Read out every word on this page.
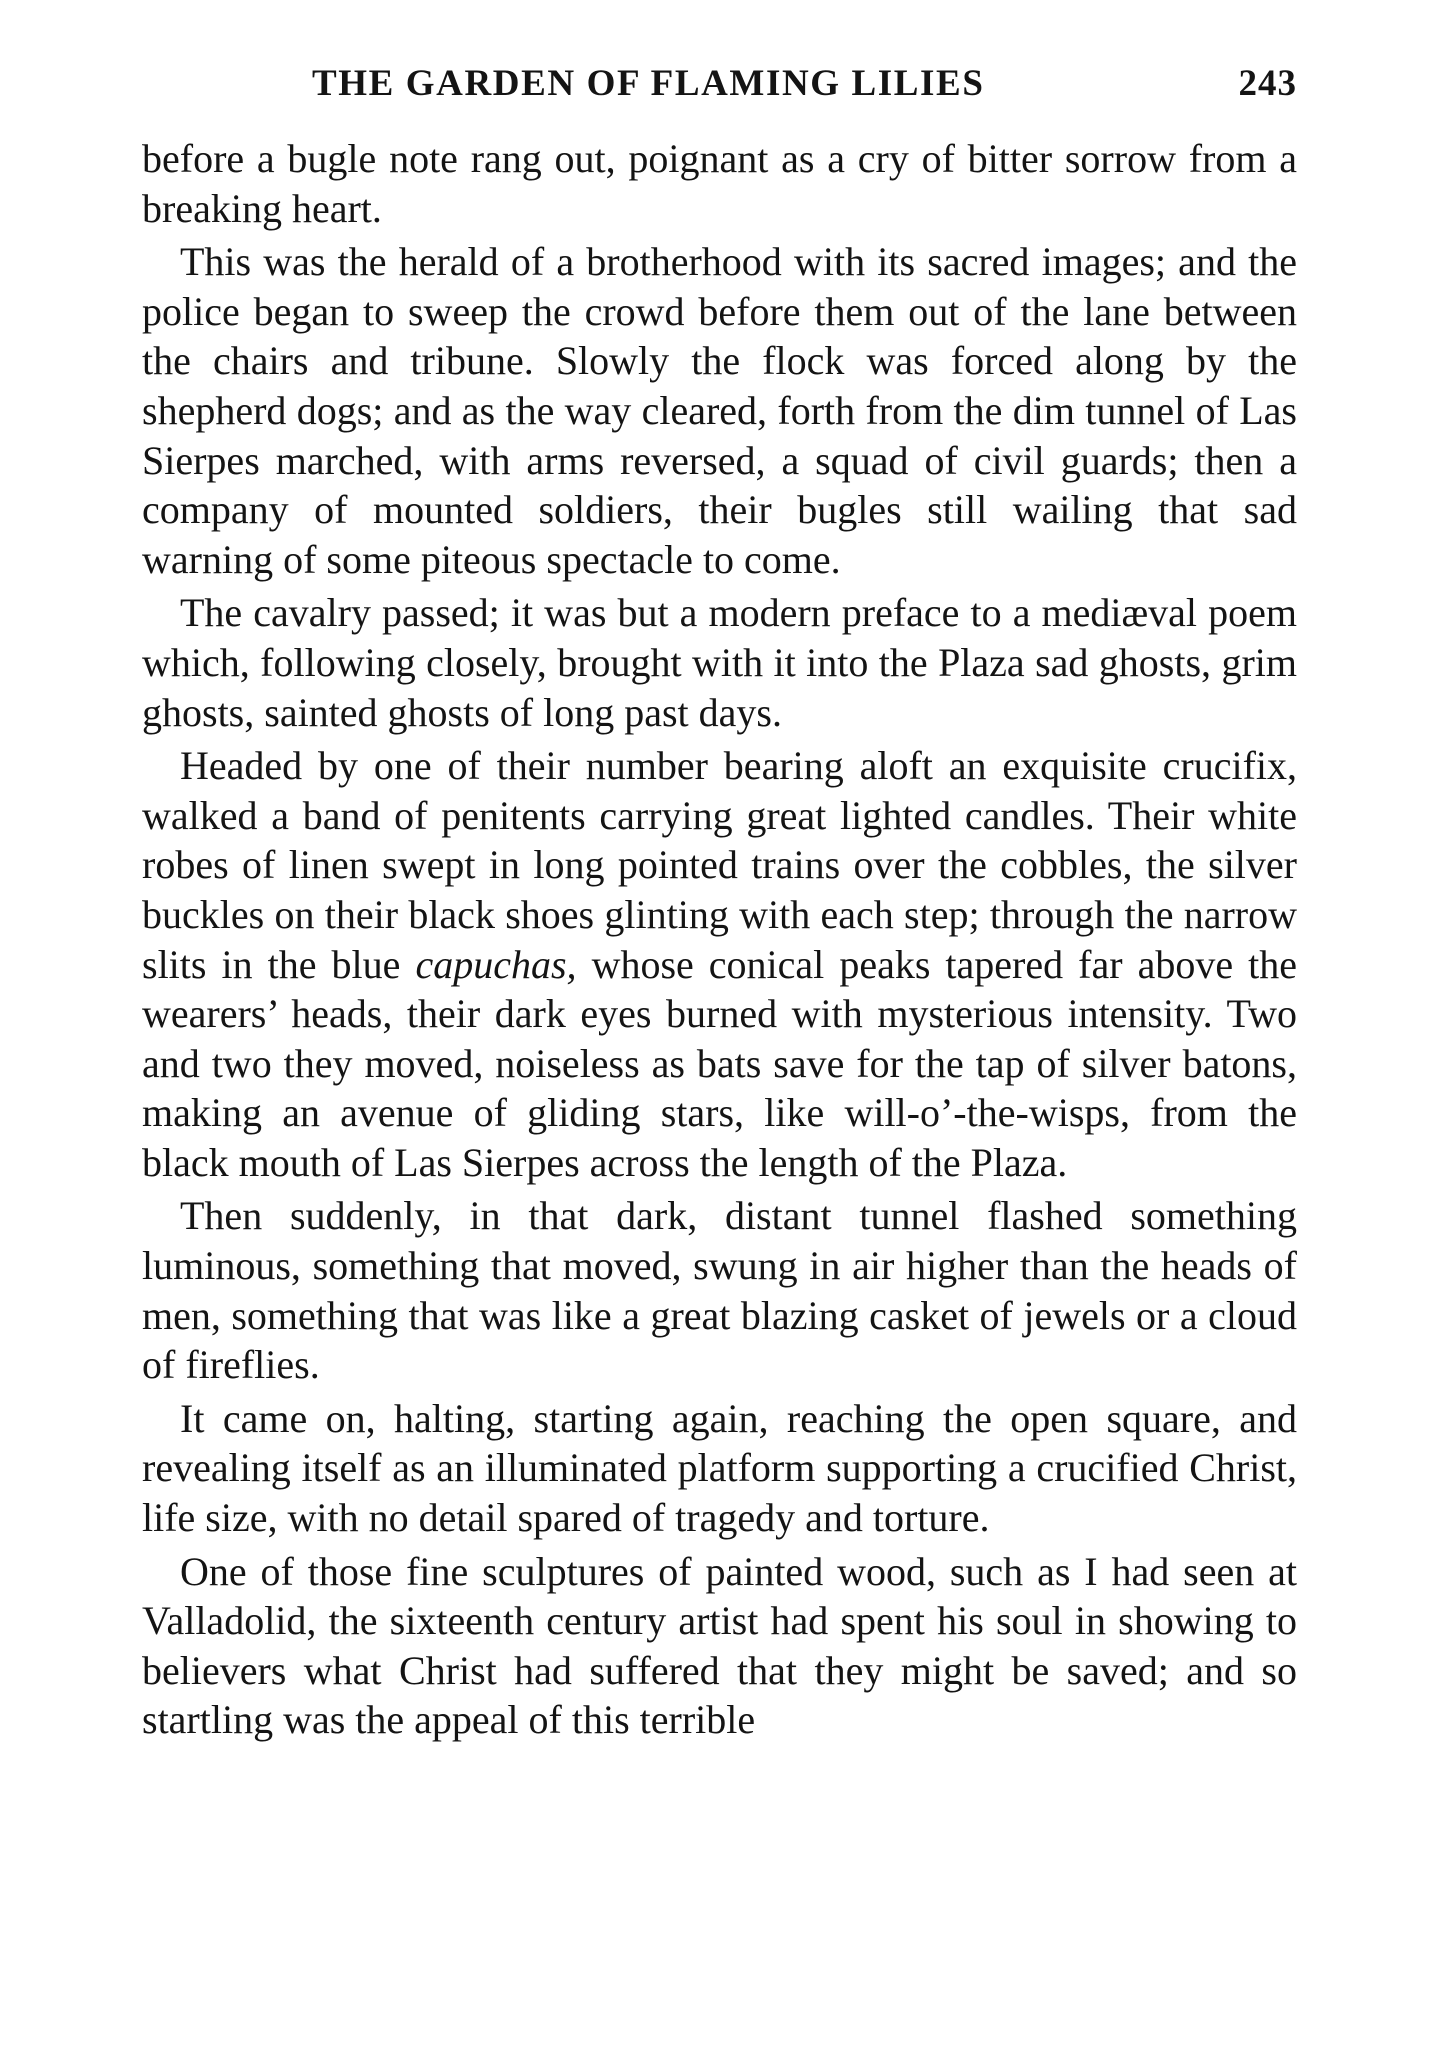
THE GARDEN OF FLAMING LILIES	243

before a bugle note rang out, poignant as a cry of bitter sorrow from a breaking heart.

This was the herald of a brotherhood with its sacred images; and the police began to sweep the crowd before them out of the lane between the chairs and tribune. Slowly the flock was forced along by the shepherd dogs; and as the way cleared, forth from the dim tunnel of Las Sierpes marched, with arms reversed, a squad of civil guards; then a company of mounted soldiers, their bugles still wailing that sad warning of some piteous spectacle to come.

The cavalry passed; it was but a modern preface to a mediæval poem which, following closely, brought with it into the Plaza sad ghosts, grim ghosts, sainted ghosts of long past days.

Headed by one of their number bearing aloft an exquisite crucifix, walked a band of penitents carrying great lighted candles. Their white robes of linen swept in long pointed trains over the cobbles, the silver buckles on their black shoes glinting with each step; through the narrow slits in the blue capuchas, whose conical peaks tapered far above the wearers’ heads, their dark eyes burned with mysterious intensity. Two and two they moved, noiseless as bats save for the tap of silver batons, making an avenue of gliding stars, like will-o’-the-wisps, from the black mouth of Las Sierpes across the length of the Plaza.

Then suddenly, in that dark, distant tunnel flashed something luminous, something that moved, swung in air higher than the heads of men, something that was like a great blazing casket of jewels or a cloud of fireflies.

It came on, halting, starting again, reaching the open square, and revealing itself as an illuminated platform supporting a crucified Christ, life size, with no detail spared of tragedy and torture.

One of those fine sculptures of painted wood, such as I had seen at Valladolid, the sixteenth century artist had spent his soul in showing to believers what Christ had suffered that they might be saved; and so startling was the appeal of this terrible
